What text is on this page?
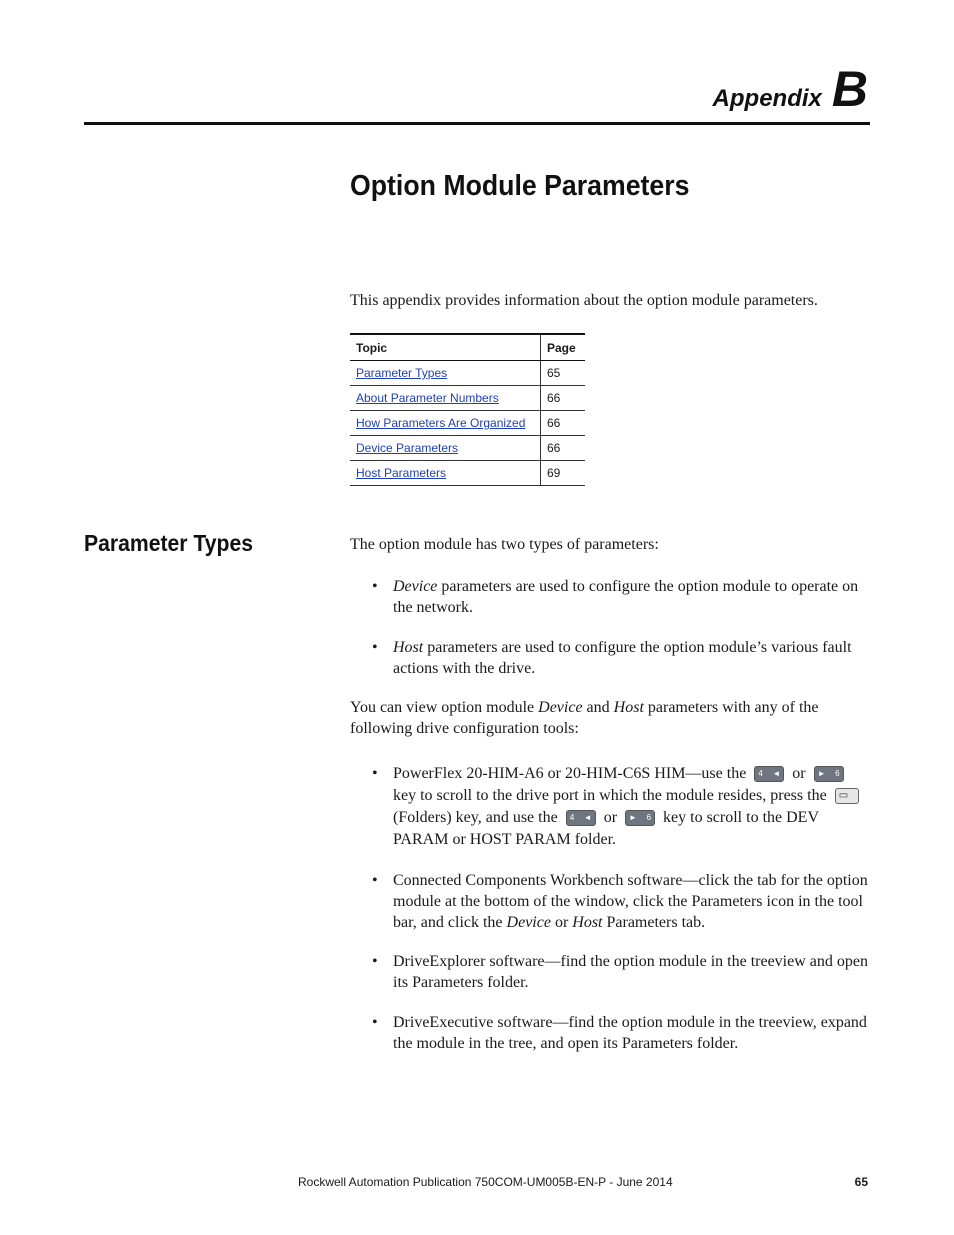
Appendix B
Option Module Parameters
This appendix provides information about the option module parameters.
Topic	Page
Parameter Types	65
About Parameter Numbers	66
How Parameters Are Organized	66
Device Parameters	66
Host Parameters	69
Parameter Types	The option module has two types of parameters:
• Device parameters are used to configure the option module to operate on the network.
• Host parameters are used to configure the option module’s various fault actions with the drive.
You can view option module Device and Host parameters with any of the following drive configuration tools:
• PowerFlex 20-HIM-A6 or 20-HIM-C6S HIM—use the 4 ◄ or ► 6
key to scroll to the drive port in which the module resides, press the ▭
(Folders) key, and use the 4 ◄ or ► 6 key to scroll to the DEV PARAM or HOST PARAM folder.
• Connected Components Workbench software—click the tab for the option module at the bottom of the window, click the Parameters icon in the tool bar, and click the Device or Host Parameters tab.
• DriveExplorer software—find the option module in the treeview and open its Parameters folder.
• DriveExecutive software—find the option module in the treeview, expand the module in the tree, and open its Parameters folder.
Rockwell Automation Publication 750COM-UM005B-EN-P - June 2014	65
